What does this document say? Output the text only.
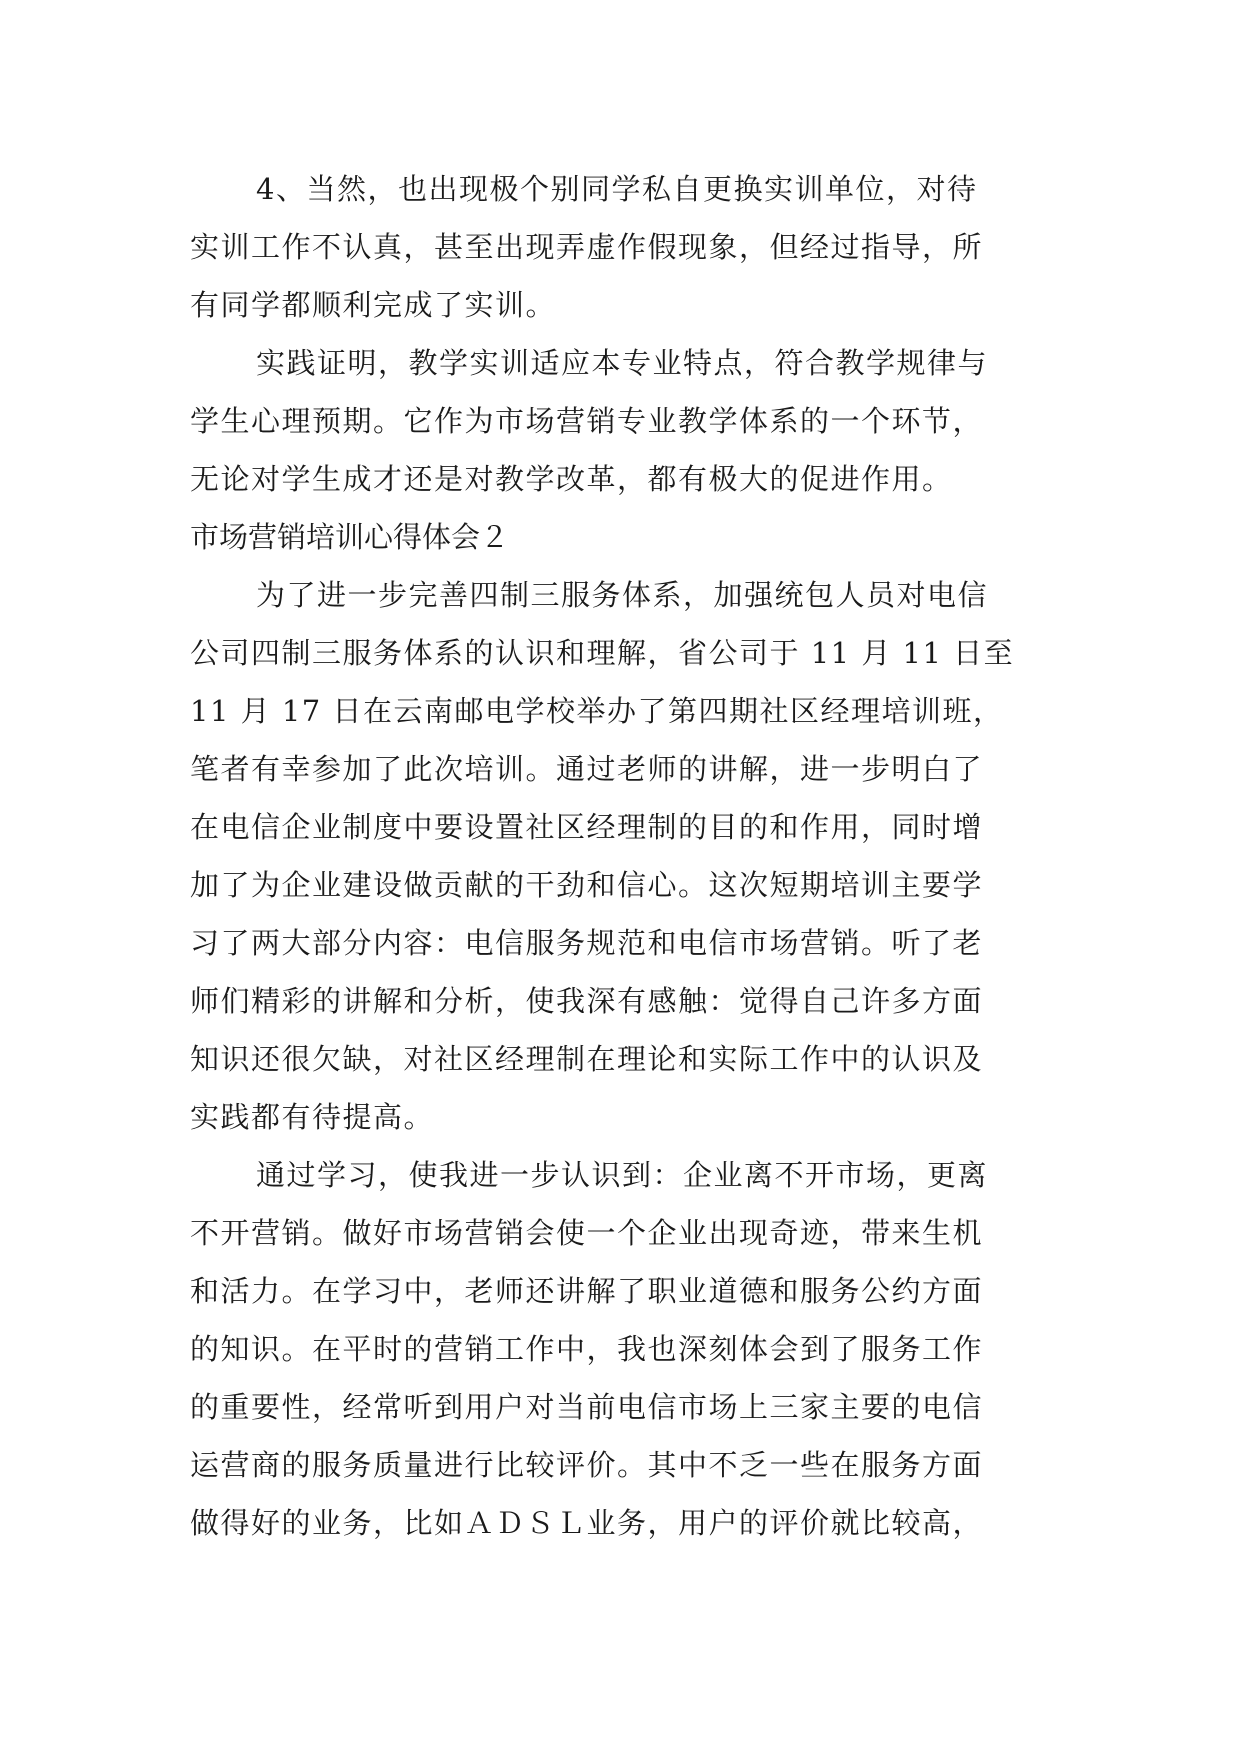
4、当然，也出现极个别同学私自更换实训单位，对待
实训工作不认真，甚至出现弄虚作假现象，但经过指导，所
有同学都顺利完成了实训。
实践证明，教学实训适应本专业特点，符合教学规律与
学生心理预期。它作为市场营销专业教学体系的一个环节，
无论对学生成才还是对教学改革，都有极大的促进作用。
市场营销培训心得体会２
为了进一步完善四制三服务体系，加强统包人员对电信
公司四制三服务体系的认识和理解，省公司于 11 月 11 日至
11 月 17 日在云南邮电学校举办了第四期社区经理培训班，
笔者有幸参加了此次培训。通过老师的讲解，进一步明白了
在电信企业制度中要设置社区经理制的目的和作用，同时增
加了为企业建设做贡献的干劲和信心。这次短期培训主要学
习了两大部分内容：电信服务规范和电信市场营销。听了老
师们精彩的讲解和分析，使我深有感触：觉得自己许多方面
知识还很欠缺，对社区经理制在理论和实际工作中的认识及
实践都有待提高。
通过学习，使我进一步认识到：企业离不开市场，更离
不开营销。做好市场营销会使一个企业出现奇迹，带来生机
和活力。在学习中，老师还讲解了职业道德和服务公约方面
的知识。在平时的营销工作中，我也深刻体会到了服务工作
的重要性，经常听到用户对当前电信市场上三家主要的电信
运营商的服务质量进行比较评价。其中不乏一些在服务方面
做得好的业务，比如ＡＤＳＬ业务，用户的评价就比较高，
